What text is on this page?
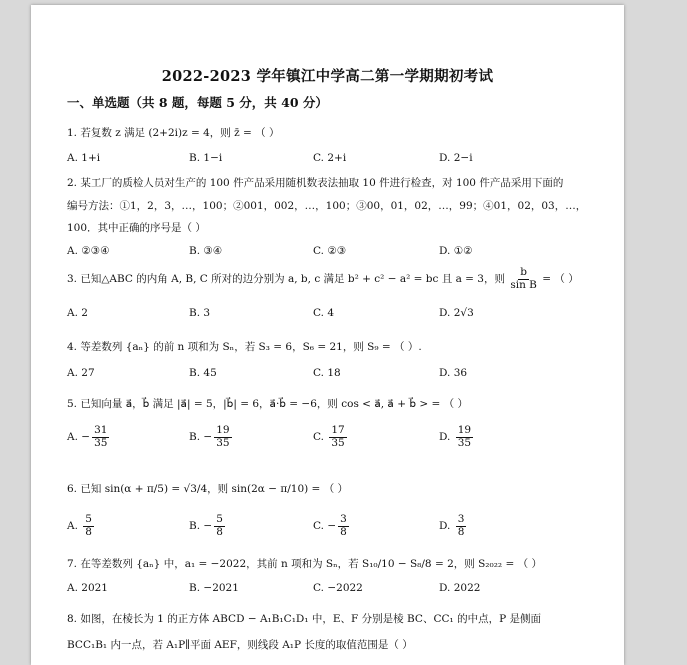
2022-2023 学年镇江中学高二第一学期期初考试
一、单选题（共 8 题，每题 5 分，共 40 分）
1. 若复数 z 满足 (2+2i)z = 4，则 z̄ = （ ）
A. 1+i	B. 1−i	C. 2+i	D. 2−i
2. 某工厂的质检人员对生产的 100 件产品采用随机数表法抽取 10 件进行检查，对 100 件产品采用下面的
编号方法：①1，2，3，…，100；②001，002，…，100；③00，01，02，…，99；④01，02，03，…，
100．其中正确的序号是（ ）
A. ②③④	B. ③④	C. ②③	D. ①②
3. 已知△ABC 的内角 A, B, C 所对的边分别为 a, b, c 满足 b² + c² − a² = bc 且 a = 3，则 $\frac{b}{\text{sin B}}$ = （ ）
A. 2	B. 3	C. 4	D. 2√3
4. 等差数列 {aₙ} 的前 n 项和为 Sₙ，若 S₃ = 6，S₆ = 21，则 S₉ = （ ）.
A. 27	B. 45	C. 18	D. 36
5. 已知向量 a⃗，b⃗ 满足 |a⃗| = 5，|b⃗| = 6，a⃗·b⃗ = −6，则 cos < a⃗, a⃗ + b⃗ > = （ ）
A. − $\frac{31}{35}$	B. − $\frac{19}{35}$	C. $\frac{17}{35}$	D. $\frac{19}{35}$
6. 已知 sin(α + π/5) = √3/4，则 sin(2α − π/10) = （ ）
A. $\frac{5}{8}$	B. − $\frac{5}{8}$	C. − $\frac{3}{8}$	D. $\frac{3}{8}$
7. 在等差数列 {aₙ} 中，a₁ = −2022，其前 n 项和为 Sₙ，若 S₁₀/10 − S₈/8 = 2，则 S₂₀₂₂ = （ ）
A. 2021	B. −2021	C. −2022	D. 2022
8. 如图，在棱长为 1 的正方体 ABCD − A₁B₁C₁D₁ 中，E、F 分别是棱 BC、CC₁ 的中点，P 是侧面
BCC₁B₁ 内一点，若 A₁P∥平面 AEF，则线段 A₁P 长度的取值范围是（ ）
